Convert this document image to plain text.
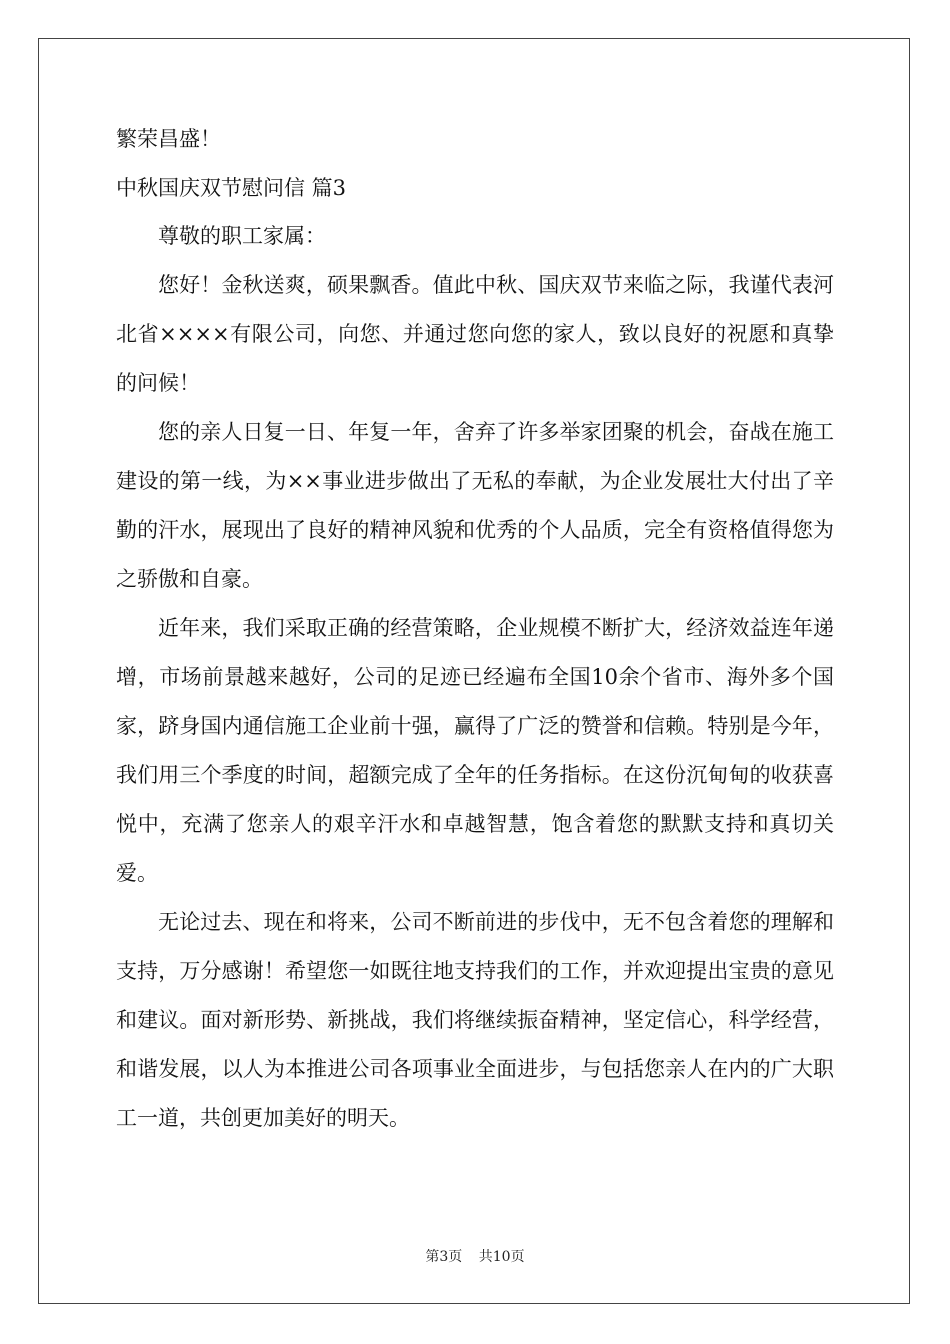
繁荣昌盛！

中秋国庆双节慰问信 篇3

尊敬的职工家属：

您好！金秋送爽，硕果飘香。值此中秋、国庆双节来临之际，我谨代表河北省××××有限公司，向您、并通过您向您的家人，致以良好的祝愿和真挚的问候！

您的亲人日复一日、年复一年，舍弃了许多举家团聚的机会，奋战在施工建设的第一线，为××事业进步做出了无私的奉献，为企业发展壮大付出了辛勤的汗水，展现出了良好的精神风貌和优秀的个人品质，完全有资格值得您为之骄傲和自豪。

近年来，我们采取正确的经营策略，企业规模不断扩大，经济效益连年递增，市场前景越来越好，公司的足迹已经遍布全国10余个省市、海外多个国家，跻身国内通信施工企业前十强，赢得了广泛的赞誉和信赖。特别是今年，我们用三个季度的时间，超额完成了全年的任务指标。在这份沉甸甸的收获喜悦中，充满了您亲人的艰辛汗水和卓越智慧，饱含着您的默默支持和真切关爱。

无论过去、现在和将来，公司不断前进的步伐中，无不包含着您的理解和支持，万分感谢！希望您一如既往地支持我们的工作，并欢迎提出宝贵的意见和建议。面对新形势、新挑战，我们将继续振奋精神，坚定信心，科学经营，和谐发展，以人为本推进公司各项事业全面进步，与包括您亲人在内的广大职工一道，共创更加美好的明天。

第3页 共10页
